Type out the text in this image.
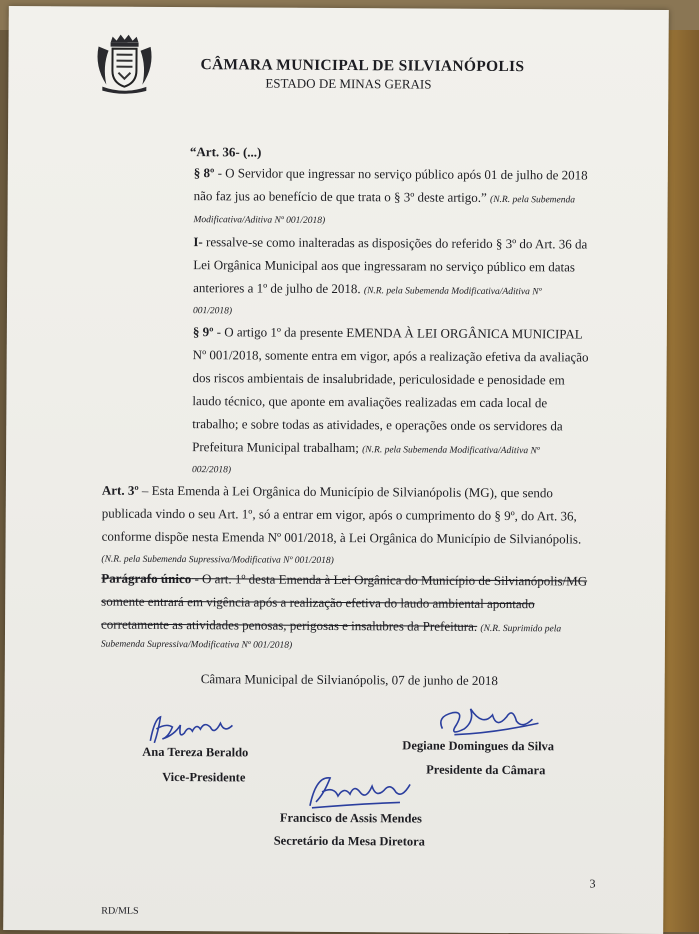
CÂMARA MUNICIPAL DE SILVIANÓPOLIS
ESTADO DE MINAS GERAIS
“Art. 36- (...)
§ 8º - O Servidor que ingressar no serviço público após 01 de julho de 2018
não faz jus ao benefício de que trata o § 3º deste artigo.” (N.R. pela Subemenda
Modificativa/Aditiva Nº 001/2018)
I- ressalve-se como inalteradas as disposições do referido § 3º do Art. 36 da
Lei Orgânica Municipal aos que ingressaram no serviço público em datas
anteriores a 1º de julho de 2018. (N.R. pela Subemenda Modificativa/Aditiva Nº
001/2018)
§ 9º - O artigo 1º da presente EMENDA À LEI ORGÂNICA MUNICIPAL
Nº 001/2018, somente entra em vigor, após a realização efetiva da avaliação
dos riscos ambientais de insalubridade, periculosidade e penosidade em
laudo técnico, que aponte em avaliações realizadas em cada local de
trabalho; e sobre todas as atividades, e operações onde os servidores da
Prefeitura Municipal trabalham; (N.R. pela Subemenda Modificativa/Aditiva Nº
002/2018)
Art. 3º – Esta Emenda à Lei Orgânica do Município de Silvianópolis (MG), que sendo
publicada vindo o seu Art. 1º, só a entrar em vigor, após o cumprimento do § 9º, do Art. 36,
conforme dispõe nesta Emenda Nº 001/2018, à Lei Orgânica do Município de Silvianópolis.
(N.R. pela Subemenda Supressiva/Modificativa Nº 001/2018)
Parágrafo único - O art. 1º desta Emenda à Lei Orgânica do Município de Silvianópolis/MG
somente entrará em vigência após a realização efetiva do laudo ambiental apontado
corretamente as atividades penosas, perigosas e insalubres da Prefeitura. (N.R. Suprimido pela
Subemenda Supressiva/Modificativa Nº 001/2018)
Câmara Municipal de Silvianópolis, 07 de junho de 2018
Ana Tereza Beraldo
Vice-Presidente
Degiane Domingues da Silva
Presidente da Câmara
Francisco de Assis Mendes
Secretário da Mesa Diretora
3
RD/MLS
